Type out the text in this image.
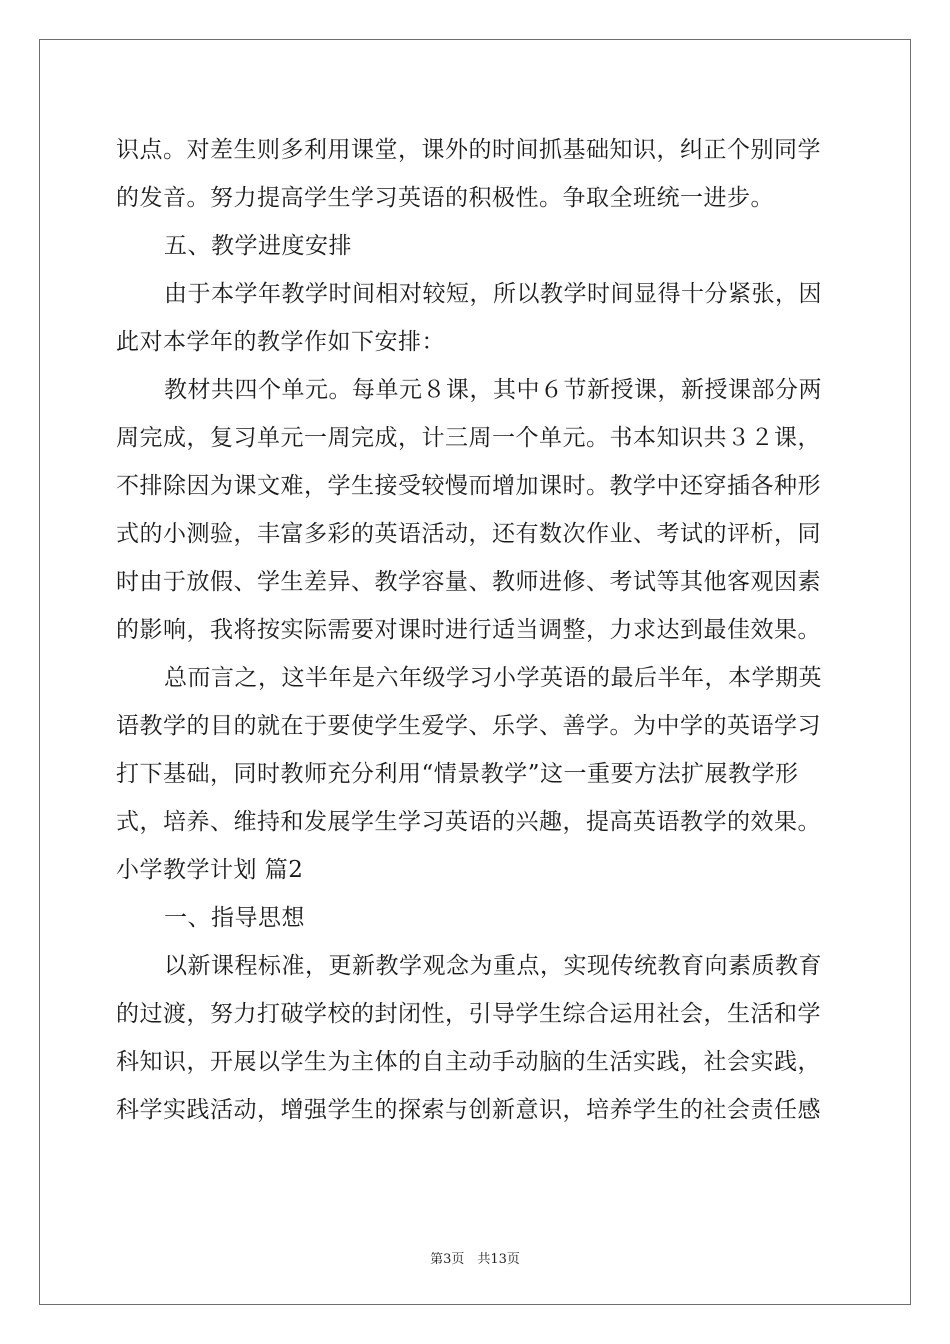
识点。对差生则多利用课堂，课外的时间抓基础知识，纠正个别同学
的发音。努力提高学生学习英语的积极性。争取全班统一进步。
五、教学进度安排
由于本学年教学时间相对较短，所以教学时间显得十分紧张，因
此对本学年的教学作如下安排：
教材共四个单元。每单元８课，其中６节新授课，新授课部分两
周完成，复习单元一周完成，计三周一个单元。书本知识共３２课，
不排除因为课文难，学生接受较慢而增加课时。教学中还穿插各种形
式的小测验，丰富多彩的英语活动，还有数次作业、考试的评析，同
时由于放假、学生差异、教学容量、教师进修、考试等其他客观因素
的影响，我将按实际需要对课时进行适当调整，力求达到最佳效果。
总而言之，这半年是六年级学习小学英语的最后半年，本学期英
语教学的目的就在于要使学生爱学、乐学、善学。为中学的英语学习
打下基础，同时教师充分利用“情景教学”这一重要方法扩展教学形
式，培养、维持和发展学生学习英语的兴趣，提高英语教学的效果。
小学教学计划 篇2
一、指导思想
以新课程标准，更新教学观念为重点，实现传统教育向素质教育
的过渡，努力打破学校的封闭性，引导学生综合运用社会，生活和学
科知识，开展以学生为主体的自主动手动脑的生活实践，社会实践，
科学实践活动，增强学生的探索与创新意识，培养学生的社会责任感
第3页　共13页
